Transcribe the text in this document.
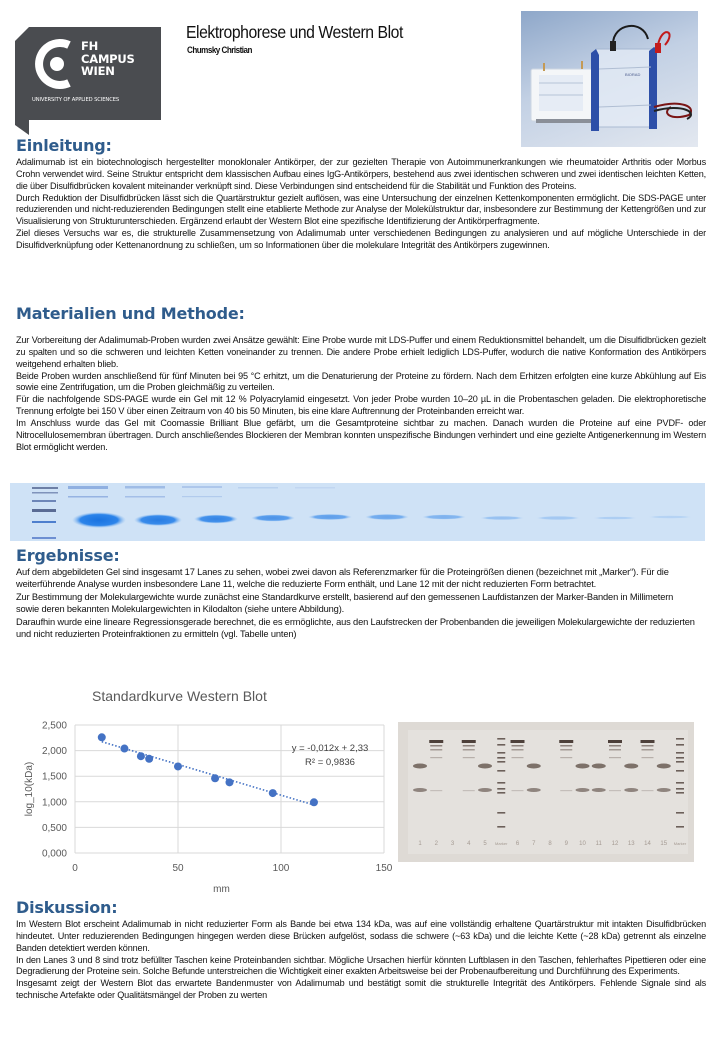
FH
CAMPUS
WIEN
UNIVERSITY OF APPLIED SCIENCES
Elektrophorese und Western Blot
Chumsky Christian
BIORAD
Einleitung:
Adalimumab ist ein biotechnologisch hergestellter monoklonaler Antikörper, der zur gezielten Therapie von Autoimmunerkrankungen wie rheumatoider Arthritis oder Morbus Crohn verwendet wird. Seine Struktur entspricht dem klassischen Aufbau eines IgG-Antikörpers, bestehend aus zwei identischen schweren und zwei identischen leichten Ketten, die über Disulfidbrücken kovalent miteinander verknüpft sind. Diese Verbindungen sind entscheidend für die Stabilität und Funktion des Proteins.
Durch Reduktion der Disulfidbrücken lässt sich die Quartärstruktur gezielt auflösen, was eine Untersuchung der einzelnen Kettenkomponenten ermöglicht. Die SDS-PAGE unter reduzierenden und nicht-reduzierenden Bedingungen stellt eine etablierte Methode zur Analyse der Molekülstruktur dar, insbesondere zur Bestimmung der Kettengrößen und zur Visualisierung von Strukturunterschieden. Ergänzend erlaubt der Western Blot eine spezifische Identifizierung der Antikörperfragmente.
Ziel dieses Versuchs war es, die strukturelle Zusammensetzung von Adalimumab unter verschiedenen Bedingungen zu analysieren und auf mögliche Unterschiede in der Disulfidverknüpfung oder Kettenanordnung zu schließen, um so Informationen über die molekulare Integrität des Antikörpers zugewinnen.
Materialien und Methode:
Zur Vorbereitung der Adalimumab-Proben wurden zwei Ansätze gewählt: Eine Probe wurde mit LDS-Puffer und einem Reduktionsmittel behandelt, um die Disulfidbrücken gezielt zu spalten und so die schweren und leichten Ketten voneinander zu trennen. Die andere Probe erhielt lediglich LDS-Puffer, wodurch die native Konformation des Antikörpers weitgehend erhalten blieb.
Beide Proben wurden anschließend für fünf Minuten bei 95 °C erhitzt, um die Denaturierung der Proteine zu fördern. Nach dem Erhitzen erfolgten eine kurze Abkühlung auf Eis sowie eine Zentrifugation, um die Proben gleichmäßig zu verteilen.
Für die nachfolgende SDS-PAGE wurde ein Gel mit 12 % Polyacrylamid eingesetzt. Von jeder Probe wurden 10–20 µL in die Probentaschen geladen. Die elektrophoretische Trennung erfolgte bei 150 V über einen Zeitraum von 40 bis 50 Minuten, bis eine klare Auftrennung der Proteinbanden erreicht war.
Im Anschluss wurde das Gel mit Coomassie Brilliant Blue gefärbt, um die Gesamtproteine sichtbar zu machen. Danach wurden die Proteine auf eine PVDF- oder Nitrocellulosemembran übertragen. Durch anschließendes Blockieren der Membran konnten unspezifische Bindungen verhindert und eine gezielte Antigenerkennung im Western Blot ermöglicht werden.
Ergebnisse:
Auf dem abgebildeten Gel sind insgesamt 17 Lanes zu sehen, wobei zwei davon als Referenzmarker für die Proteingrößen dienen (bezeichnet mit „Marker“). Für die weiterführende Analyse wurden insbesondere Lane 11, welche die reduzierte Form enthält, und Lane 12 mit der nicht reduzierten Form betrachtet.
Zur Bestimmung der Molekulargewichte wurde zunächst eine Standardkurve erstellt, basierend auf den gemessenen Laufdistanzen der Marker-Banden in Millimetern sowie deren bekannten Molekulargewichten in Kilodalton (siehe untere Abbildung).
Daraufhin wurde eine lineare Regressionsgerade berechnet, die es ermöglichte, aus den Laufstrecken der Probenbanden die jeweiligen Molekulargewichte der reduzierten und nicht reduzierten Proteinfraktionen zu ermitteln (vgl. Tabelle unten)
Standardkurve Western Blot
0,000
0,500
1,000
1,500
2,000
2,500
0	50	100	150
mm
log_10(kDa)
y = -0,012x + 2,33
R² = 0,9836
1 2 3 4 5 Marker 6 7 8 9 10 11 12 13 14 15 Marker
Diskussion:
Im Western Blot erscheint Adalimumab in nicht reduzierter Form als Bande bei etwa 134 kDa, was auf eine vollständig erhaltene Quartärstruktur mit intakten Disulfidbrücken hindeutet. Unter reduzierenden Bedingungen hingegen werden diese Brücken aufgelöst, sodass die schwere (~63 kDa) und die leichte Kette (~28 kDa) getrennt als einzelne Banden detektiert werden können.
In den Lanes 3 und 8 sind trotz befüllter Taschen keine Proteinbanden sichtbar. Mögliche Ursachen hierfür könnten Luftblasen in den Taschen, fehlerhaftes Pipettieren oder eine Degradierung der Proteine sein. Solche Befunde unterstreichen die Wichtigkeit einer exakten Arbeitsweise bei der Probenaufbereitung und Durchführung des Experiments.
Insgesamt zeigt der Western Blot das erwartete Bandenmuster von Adalimumab und bestätigt somit die strukturelle Integrität des Antikörpers. Fehlende Signale sind als technische Artefakte oder Qualitätsmängel der Proben zu werten
